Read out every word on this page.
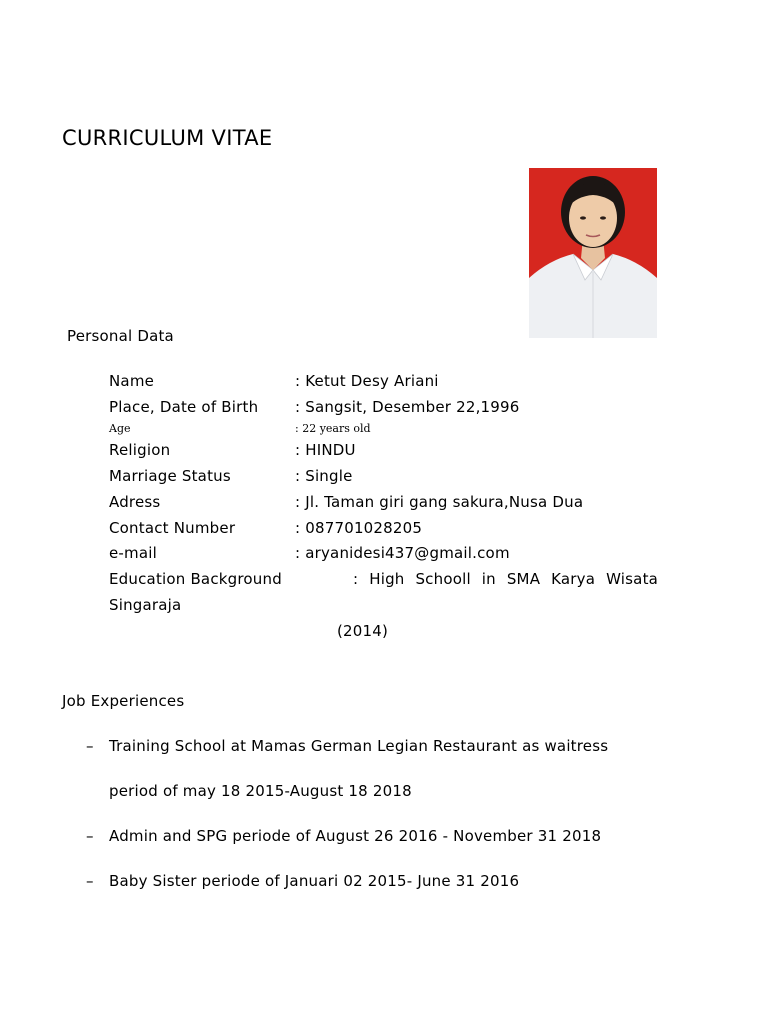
CURRICULUM VITAE
Personal Data
Name	: Ketut Desy Ariani
Place, Date of Birth : Sangsit, Desember 22,1996
Age	: 22 years old
Religion	: HINDU
Marriage Status	: Single
Adress	: Jl. Taman giri gang sakura,Nusa Dua
Contact Number	: 087701028205
e-mail	: aryanidesi437@gmail.com
Education Background	: High Schooll in SMA Karya Wisata
Singaraja
(2014)
Job Experiences
– Training School at Mamas German Legian Restaurant as waitress
period of may 18 2015-August 18 2018
– Admin and SPG periode of August 26 2016 - November 31 2018
– Baby Sister periode of Januari 02 2015- June 31 2016
